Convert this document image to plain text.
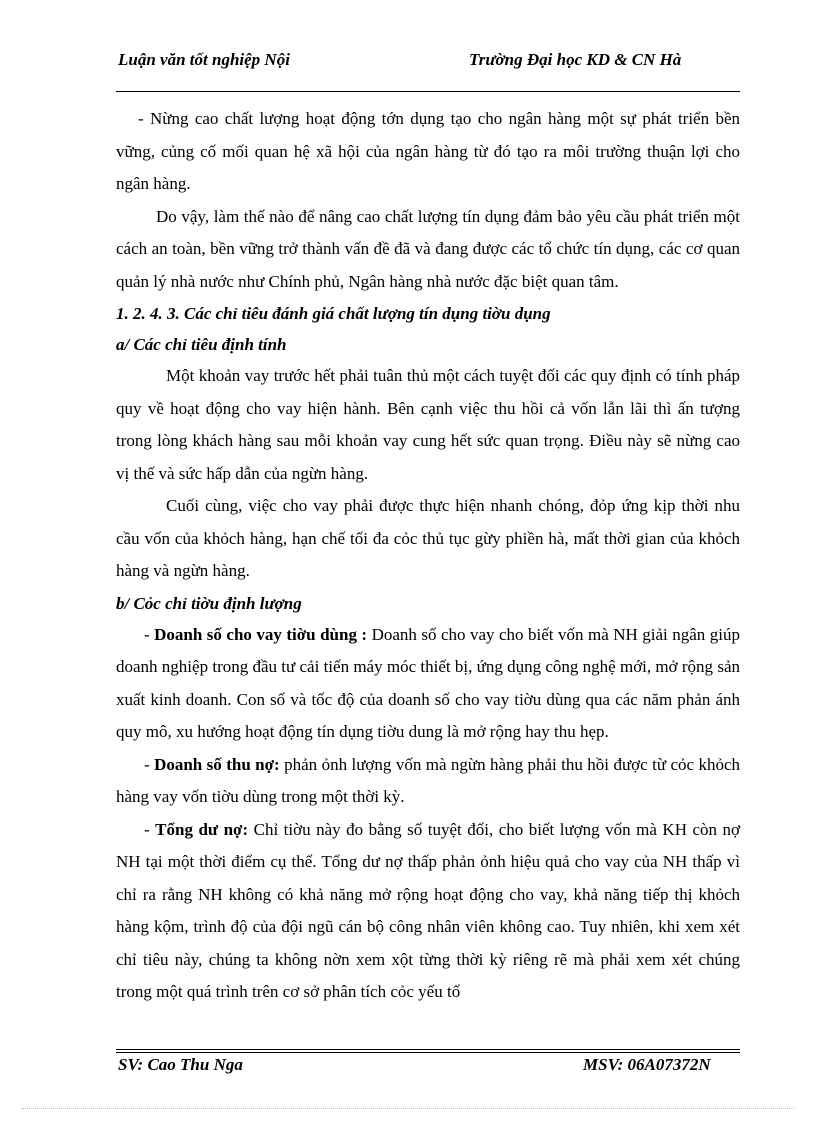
Luận văn tốt nghiệp Nội	Trường Đại học KD & CN Hà

- Nừng cao chất lượng hoạt động tớn dụng tạo cho ngân hàng một sự phát triển bền vững, củng cố mối quan hệ xã hội của ngân hàng từ đó tạo ra môi trường thuận lợi cho ngân hàng.

Do vậy, làm thế nào để nâng cao chất lượng tín dụng đảm bảo yêu cầu phát triển một cách an toàn, bền vững trở thành vấn đề đã và đang được các tổ chức tín dụng, các cơ quan quản lý nhà nước như Chính phủ, Ngân hàng nhà nước đặc biệt quan tâm.

1. 2. 4. 3. Các chỉ tiêu đánh giá chất lượng tín dụng tiờu dụng

a/ Các chỉ tiêu định tính

Một khoản vay trước hết phải tuân thủ một cách tuyệt đối các quy định có tính pháp quy về hoạt động cho vay hiện hành. Bên cạnh việc thu hồi cả vốn lẫn lãi thì ấn tượng trong lòng khách hàng sau mỗi khoản vay cung hết sức quan trọng. Điều này sẽ nừng cao vị thế và sức hấp dẫn của ngừn hàng.

Cuối cùng, việc cho vay phải được thực hiện nhanh chóng, đỏp ứng kịp thời nhu cầu vốn của khỏch hàng, hạn chế tối đa cỏc thủ tục gừy phiền hà, mất thời gian của khỏch hàng và ngừn hàng.

b/ Cỏc chỉ tiờu định lượng

- Doanh số cho vay tiờu dùng : Doanh số cho vay cho biết vốn mà NH giải ngân giúp doanh nghiệp trong đầu tư cải tiến máy móc thiết bị, ứng dụng công nghệ mới, mở rộng sản xuất kinh doanh. Con số và tốc độ của doanh số cho vay tiờu dùng qua các năm phản ánh quy mô, xu hướng hoạt động tín dụng tiờu dung là mở rộng hay thu hẹp.

- Doanh số thu nợ: phản ỏnh lượng vốn mà ngừn hàng phải thu hồi được từ cỏc khỏch hàng vay vốn tiờu dùng trong một thời kỳ.

- Tổng dư nợ: Chỉ tiờu này đo bằng số tuyệt đối, cho biết lượng vốn mà KH còn nợ NH tại một thời điểm cụ thể. Tổng dư nợ thấp phản ỏnh hiệu quả cho vay của NH thấp vì chỉ ra rằng NH không có khả năng mở rộng hoạt động cho vay, khả năng tiếp thị khỏch hàng kộm, trình độ của đội ngũ cán bộ công nhân viên không cao. Tuy nhiên, khi xem xét chỉ tiêu này, chúng ta không nờn xem xột từng thời kỳ riêng rẽ mà phải xem xét chúng trong một quá trình trên cơ sở phân tích cỏc yếu tố

SV: Cao Thu Nga	MSV: 06A07372N
